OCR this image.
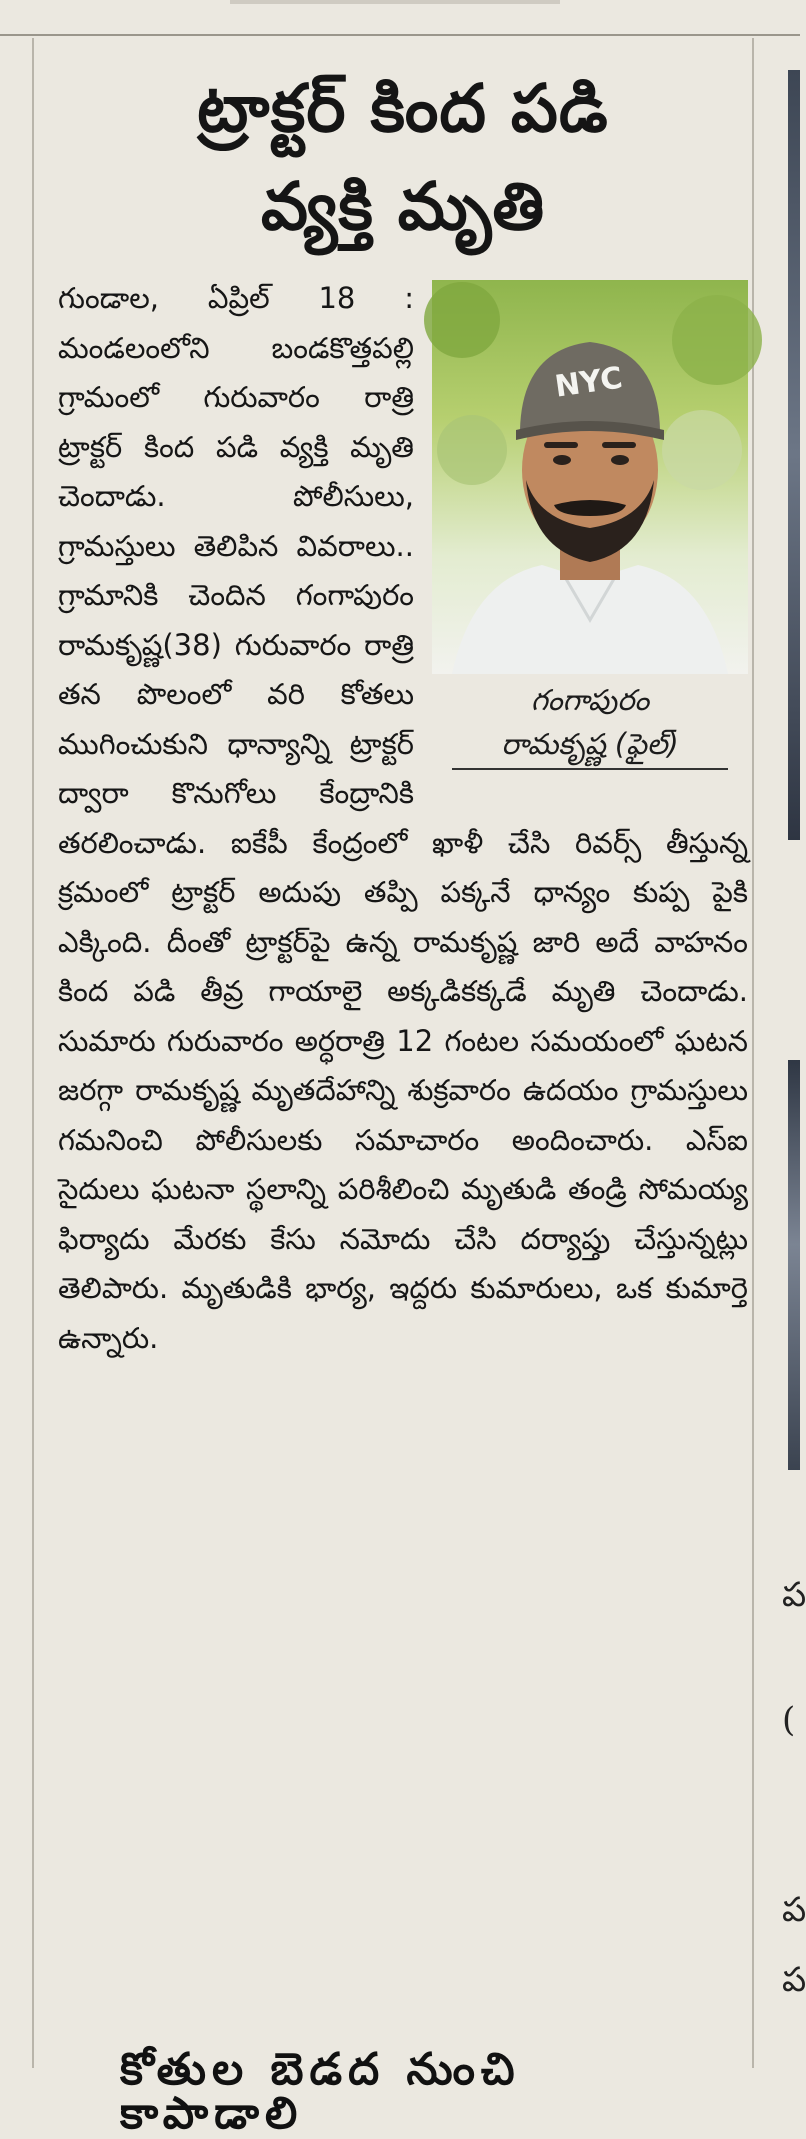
ప
(
ప
ప
ట్రాక్టర్ కింద పడి
వ్యక్తి మృతి
NYC
గంగాపురం
రామకృష్ణ (ఫైల్)

గుండాల, ఏప్రిల్ 18 : మండలంలోని బండకొత్తపల్లి గ్రామంలో గురువారం రాత్రి ట్రాక్టర్ కింద పడి వ్యక్తి మృతి చెందాడు. పోలీసులు, గ్రామస్తులు తెలిపిన వివరాలు.. గ్రామానికి చెందిన గంగాపురం రామకృష్ణ(38) గురువారం రాత్రి తన పొలంలో వరి కోతలు ముగించుకుని ధాన్యాన్ని ట్రాక్టర్ ద్వారా కొనుగోలు కేంద్రానికి తరలించాడు. ఐకేపీ కేంద్రంలో ఖాళీ చేసి రివర్స్ తీస్తున్న క్రమంలో ట్రాక్టర్ అదుపు తప్పి పక్కనే ధాన్యం కుప్ప పైకి ఎక్కింది. దీంతో ట్రాక్టర్‌పై ఉన్న రామకృష్ణ జారి అదే వాహనం కింద పడి తీవ్ర గాయాలై అక్కడికక్కడే మృతి చెందాడు. సుమారు గురువారం అర్ధరాత్రి 12 గంటల సమయంలో ఘటన జరగ్గా రామకృష్ణ మృతదేహాన్ని శుక్రవారం ఉదయం గ్రామస్తులు గమనించి పోలీసులకు సమాచారం అందించారు. ఎస్ఐ సైదులు ఘటనా స్థలాన్ని పరిశీలించి మృతుడి తండ్రి సోమయ్య ఫిర్యాదు మేరకు కేసు నమోదు చేసి దర్యాప్తు చేస్తున్నట్లు తెలిపారు. మృతుడికి భార్య, ఇద్దరు కుమారులు, ఒక కుమార్తె ఉన్నారు.

కోతుల బెడద నుంచి కాపాడాలి
